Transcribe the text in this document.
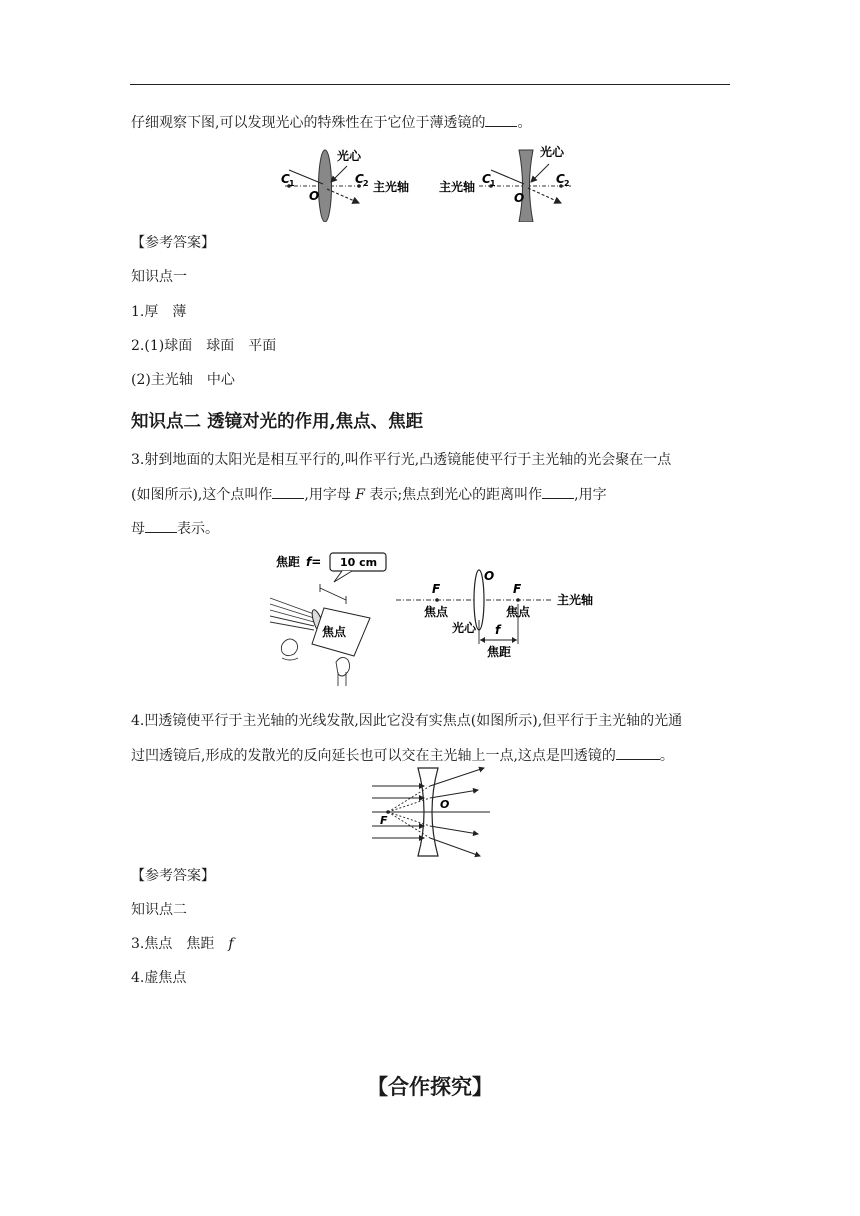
仔细观察下图,可以发现光心的特殊性在于它位于薄透镜的 。
光心
C 1	C 2
O
主光轴 主光轴
光心
C 1	C 2
O
【参考答案】
知识点一
1.厚 薄
2.(1)球面 球面 平面
(2)主光轴 中心
知识点二 透镜对光的作用,焦点、焦距
3.射到地面的太阳光是相互平行的,叫作平行光,凸透镜能使平行于主光轴的光会聚在一点
(如图所示),这个点叫作 ,用字母 F 表示;焦点到光心的距离叫作 ,用字
母 表示。
焦距 f= 10 cm
焦点
F	F
O
焦点	焦点
光心
主光轴
f
焦距
4.凹透镜使平行于主光轴的光线发散,因此它没有实焦点(如图所示),但平行于主光轴的光通
过凹透镜后,形成的发散光的反向延长也可以交在主光轴上一点,这点是凹透镜的	。
F
O
【参考答案】
知识点二
3.焦点 焦距 f
4.虚焦点
【合作探究】
